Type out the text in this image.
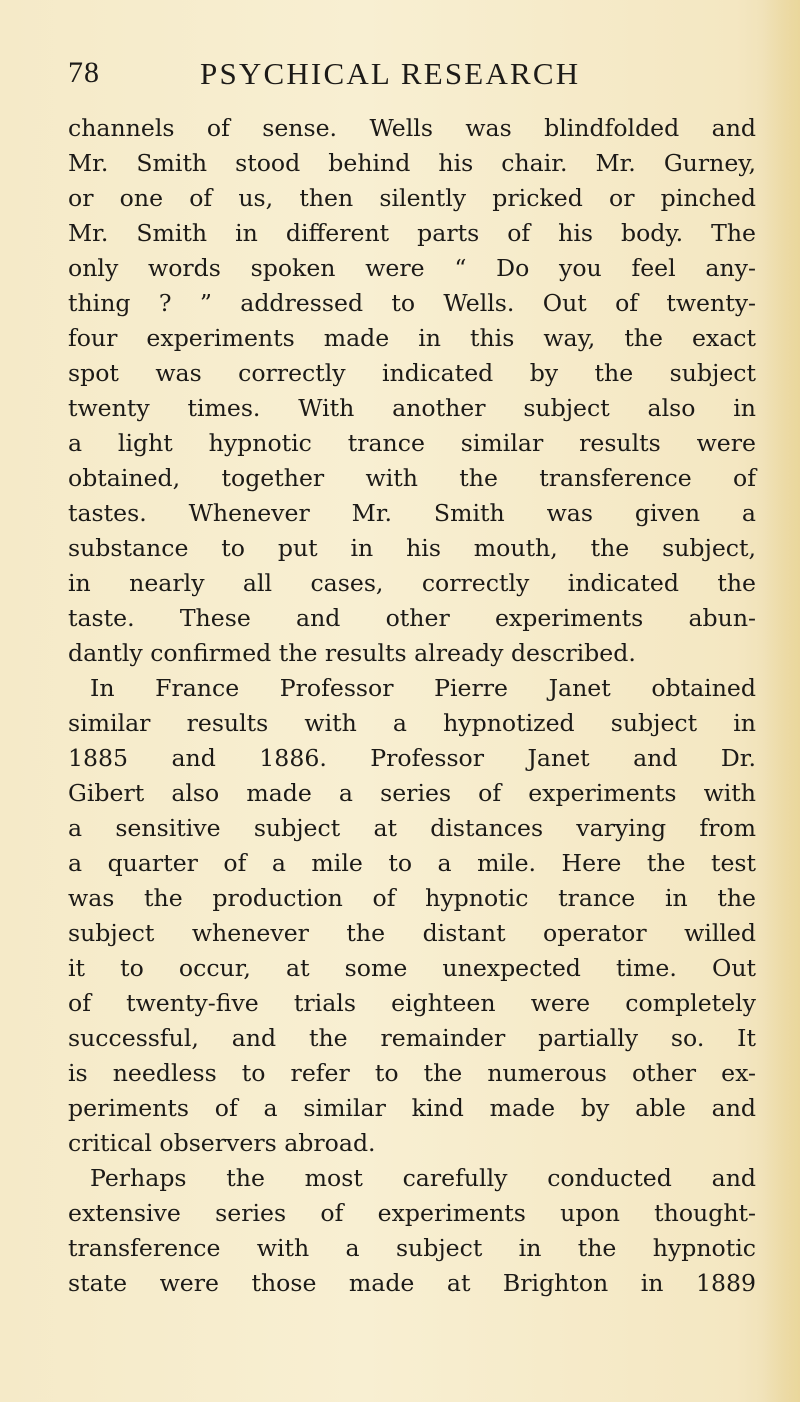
78	PSYCHICAL RESEARCH
channels of sense. Wells was blindfolded and
Mr. Smith stood behind his chair. Mr. Gurney,
or one of us, then silently pricked or pinched
Mr. Smith in different parts of his body. The
only words spoken were “ Do you feel any-
thing ? ” addressed to Wells. Out of twenty-
four experiments made in this way, the exact
spot was correctly indicated by the subject
twenty times. With another subject also in
a light hypnotic trance similar results were
obtained, together with the transference of
tastes. Whenever Mr. Smith was given a
substance to put in his mouth, the subject,
in nearly all cases, correctly indicated the
taste. These and other experiments abun-
dantly confirmed the results already described.
In France Professor Pierre Janet obtained
similar results with a hypnotized subject in
1885 and 1886. Professor Janet and Dr.
Gibert also made a series of experiments with
a sensitive subject at distances varying from
a quarter of a mile to a mile. Here the test
was the production of hypnotic trance in the
subject whenever the distant operator willed
it to occur, at some unexpected time. Out
of twenty-five trials eighteen were completely
successful, and the remainder partially so. It
is needless to refer to the numerous other ex-
periments of a similar kind made by able and
critical observers abroad.
Perhaps the most carefully conducted and
extensive series of experiments upon thought-
transference with a subject in the hypnotic
state were those made at Brighton in 1889
